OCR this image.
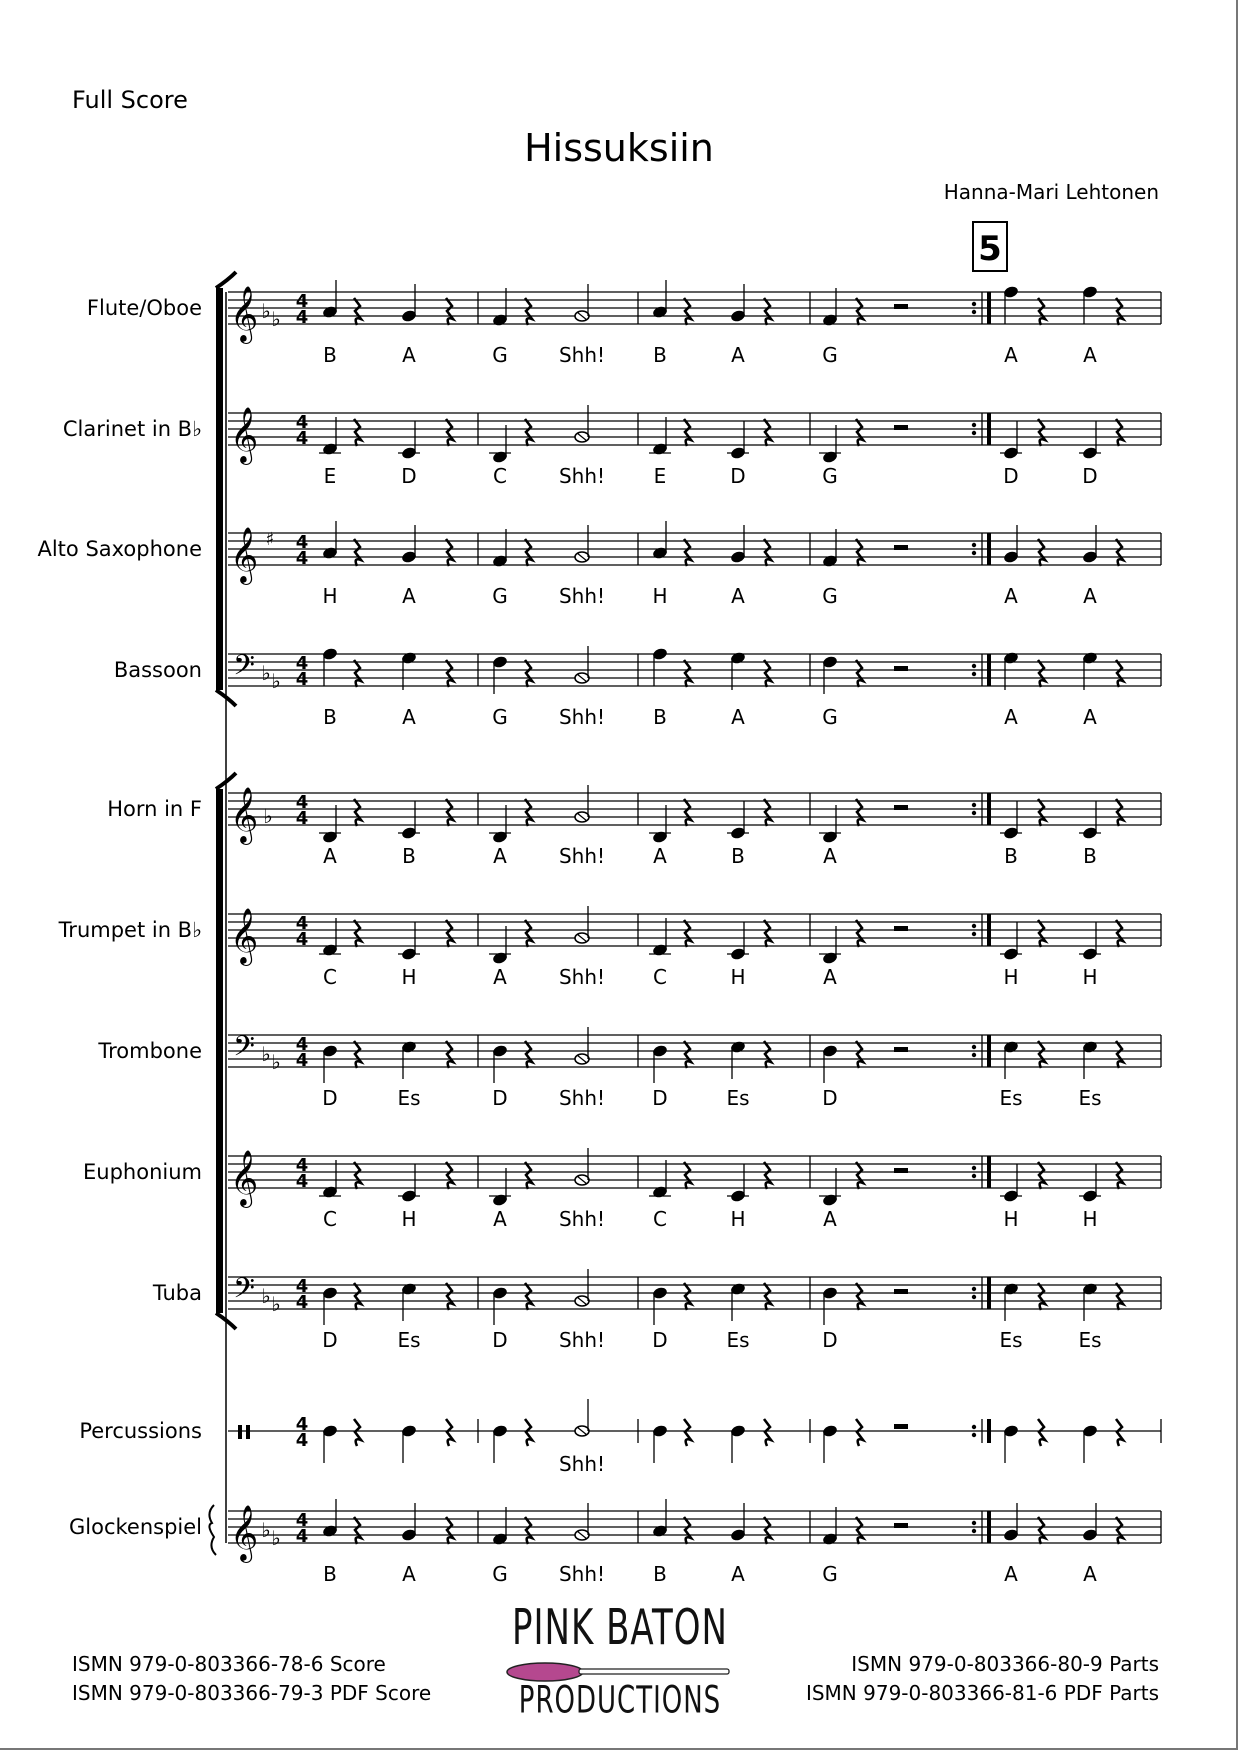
Full Score
Hissuksiin
Hanna-Mari Lehtonen
5
𝄞 ♭ ♭
4
4
B	A	G	Shh! B	A	G	A	A
𝄞 4
4
E	D	C	Shh! E	D	G	D	D
𝄞 ♯ 4
4
H	A	G	Shh! H	A	G	A	A
𝄢 ♭ ♭
4
4
B	A	G	Shh! B	A	G	A	A
𝄞 ♭
4
4
A	B	A	Shh! A	B	A	B	B
𝄞 4
4
C	H	A	Shh! C	H	A	H	H
𝄢 ♭ ♭
4
4
D	Es	D	Shh! D	Es	D	Es	Es
𝄞 4
4
C	H	A	Shh! C	H	A	H	H
𝄢 ♭ ♭
4
4
D	Es	D	Shh! D	Es	D	Es	Es
4
4
Shh!
𝄞 ♭ ♭
4
4
B	A	G	Shh! B	A	G	A	A
Flute/Oboe
Clarinet in B♭
Alto Saxophone
Bassoon
Horn in F
Trumpet in B♭
Trombone
Euphonium
Tuba
Percussions
Glockenspiel
ISMN 979-0-803366-78-6 Score
ISMN 979-0-803366-79-3 PDF Score
ISMN 979-0-803366-80-9 Parts
ISMN 979-0-803366-81-6 PDF Parts
PINK BATON
PRODUCTIONS
